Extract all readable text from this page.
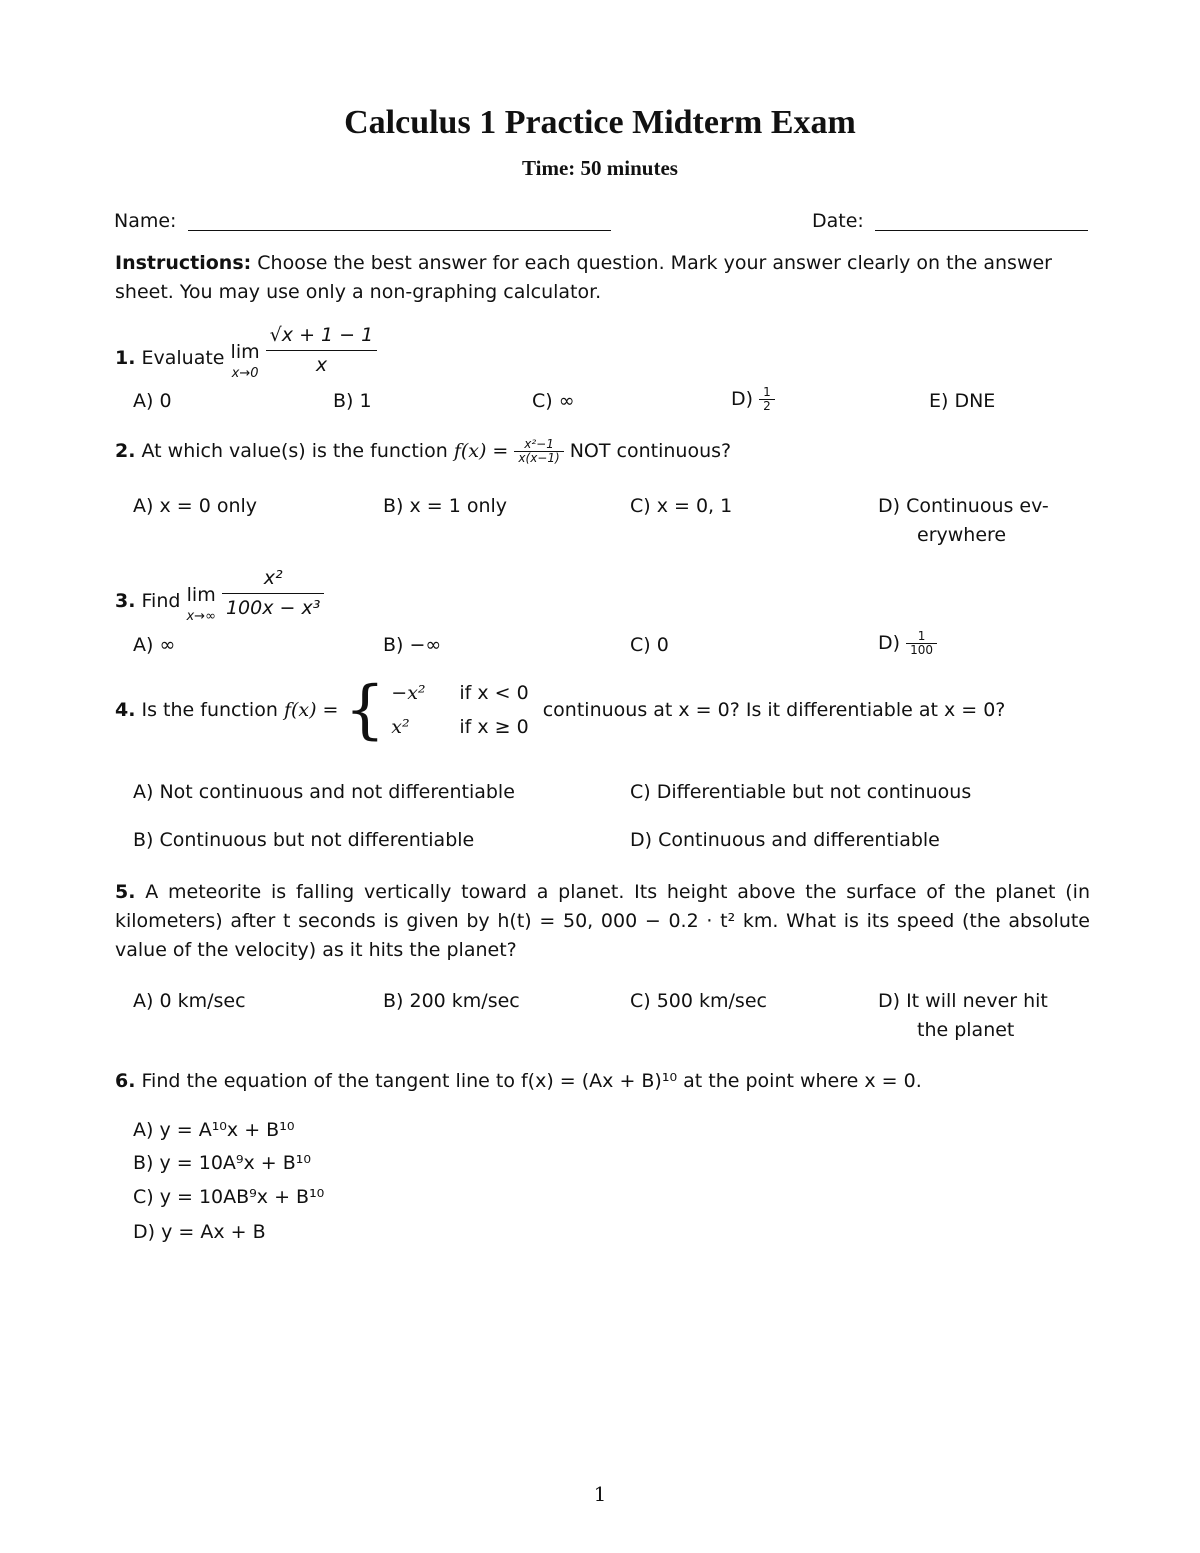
Calculus 1 Practice Midterm Exam
Time: 50 minutes
Name:	Date:
Instructions: Choose the best answer for each question. Mark your answer clearly on the answer sheet. You may use only a non-graphing calculator.
1. Evaluate lim
x→0
$\frac{√x + 1 - 1}{x}$
A) 0	B) 1	C) ∞	$D) \frac{1}{2}$	E) DNE
2. At which value(s) is the function $f(x) = \frac{\text{x²−1}}{x(x-1)}$ NOT continuous?
A) x = 0 only	B) x = 1 only	C) x = 0, 1	D) Continuous ev-
erywhere
3. Find lim
x→∞
$\frac{\text{x²}}{\text{100x − x³}}$
A) ∞	B) −∞	C) 0	$D) \frac{1}{100}$
4. Is the function f(x) = { −x² if x < 0
x²	if x ≥ 0
continuous at x = 0? Is it differentiable at x = 0?
A) Not continuous and not differentiable	C) Differentiable but not continuous
B) Continuous but not differentiable	D) Continuous and differentiable
5. A meteorite is falling vertically toward a planet. Its height above the surface of the planet (in kilometers) after t seconds is given by h(t) = 50, 000 − 0.2 · t² km. What is its speed (the absolute value of the velocity) as it hits the planet?
A) 0 km/sec	B) 200 km/sec	C) 500 km/sec	D) It will never hit
the planet
6. Find the equation of the tangent line to f(x) = (Ax + B)¹⁰ at the point where x = 0.
A) y = A¹⁰x + B¹⁰
B) y = 10A⁹x + B¹⁰
C) y = 10AB⁹x + B¹⁰
D) y = Ax + B
1
